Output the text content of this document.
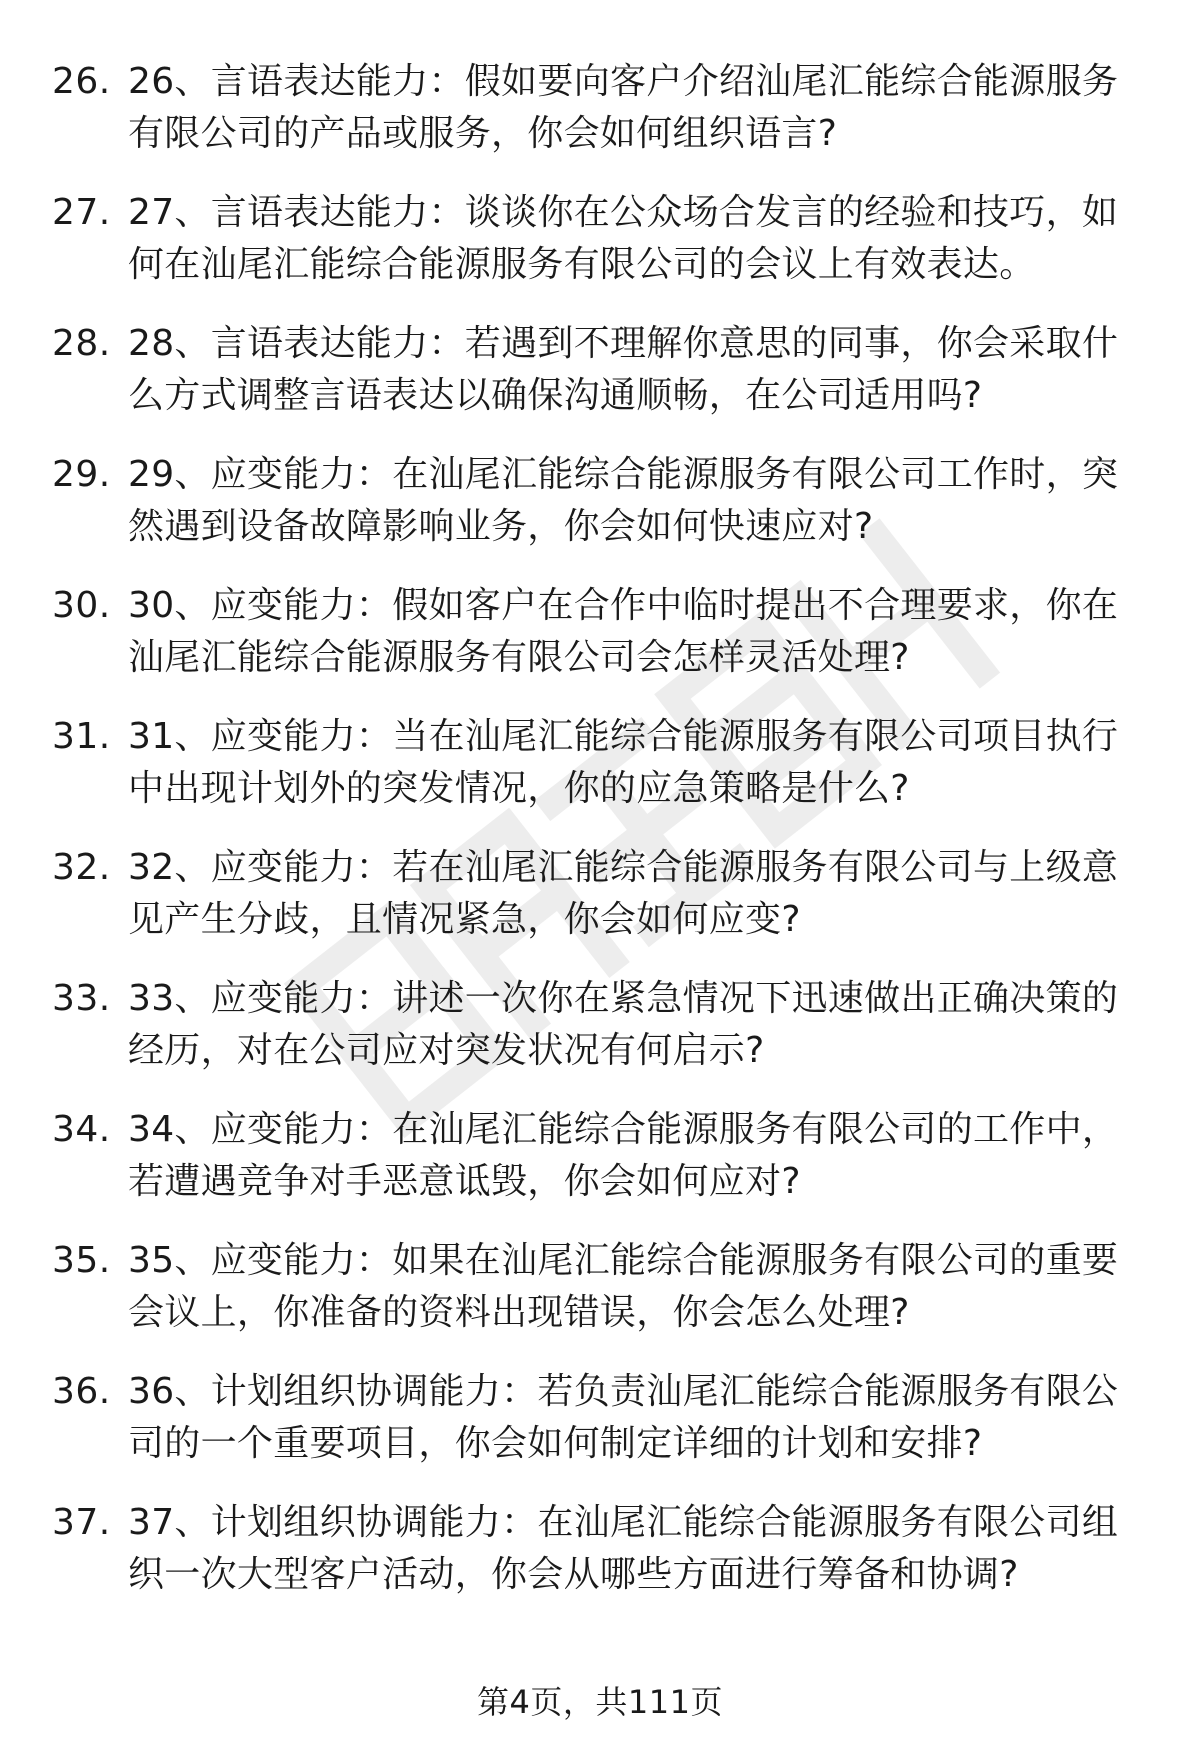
26. 26、言语表达能力：假如要向客户介绍汕尾汇能综合能源服务有限公司的产品或服务，你会如何组织语言?
27. 27、言语表达能力：谈谈你在公众场合发言的经验和技巧，如何在汕尾汇能综合能源服务有限公司的会议上有效表达。
28. 28、言语表达能力：若遇到不理解你意思的同事，你会采取什么方式调整言语表达以确保沟通顺畅，在公司适用吗?
29. 29、应变能力：在汕尾汇能综合能源服务有限公司工作时，突然遇到设备故障影响业务，你会如何快速应对?
30. 30、应变能力：假如客户在合作中临时提出不合理要求，你在汕尾汇能综合能源服务有限公司会怎样灵活处理?
31. 31、应变能力：当在汕尾汇能综合能源服务有限公司项目执行中出现计划外的突发情况，你的应急策略是什么?
32. 32、应变能力：若在汕尾汇能综合能源服务有限公司与上级意见产生分歧，且情况紧急，你会如何应变?
33. 33、应变能力：讲述一次你在紧急情况下迅速做出正确决策的经历，对在公司应对突发状况有何启示?
34. 34、应变能力：在汕尾汇能综合能源服务有限公司的工作中，若遭遇竞争对手恶意诋毁，你会如何应对?
35. 35、应变能力：如果在汕尾汇能综合能源服务有限公司的重要会议上，你准备的资料出现错误，你会怎么处理?
36. 36、计划组织协调能力：若负责汕尾汇能综合能源服务有限公司的一个重要项目，你会如何制定详细的计划和安排?
37. 37、计划组织协调能力：在汕尾汇能综合能源服务有限公司组织一次大型客户活动，你会从哪些方面进行筹备和协调?
第4页，共111页
